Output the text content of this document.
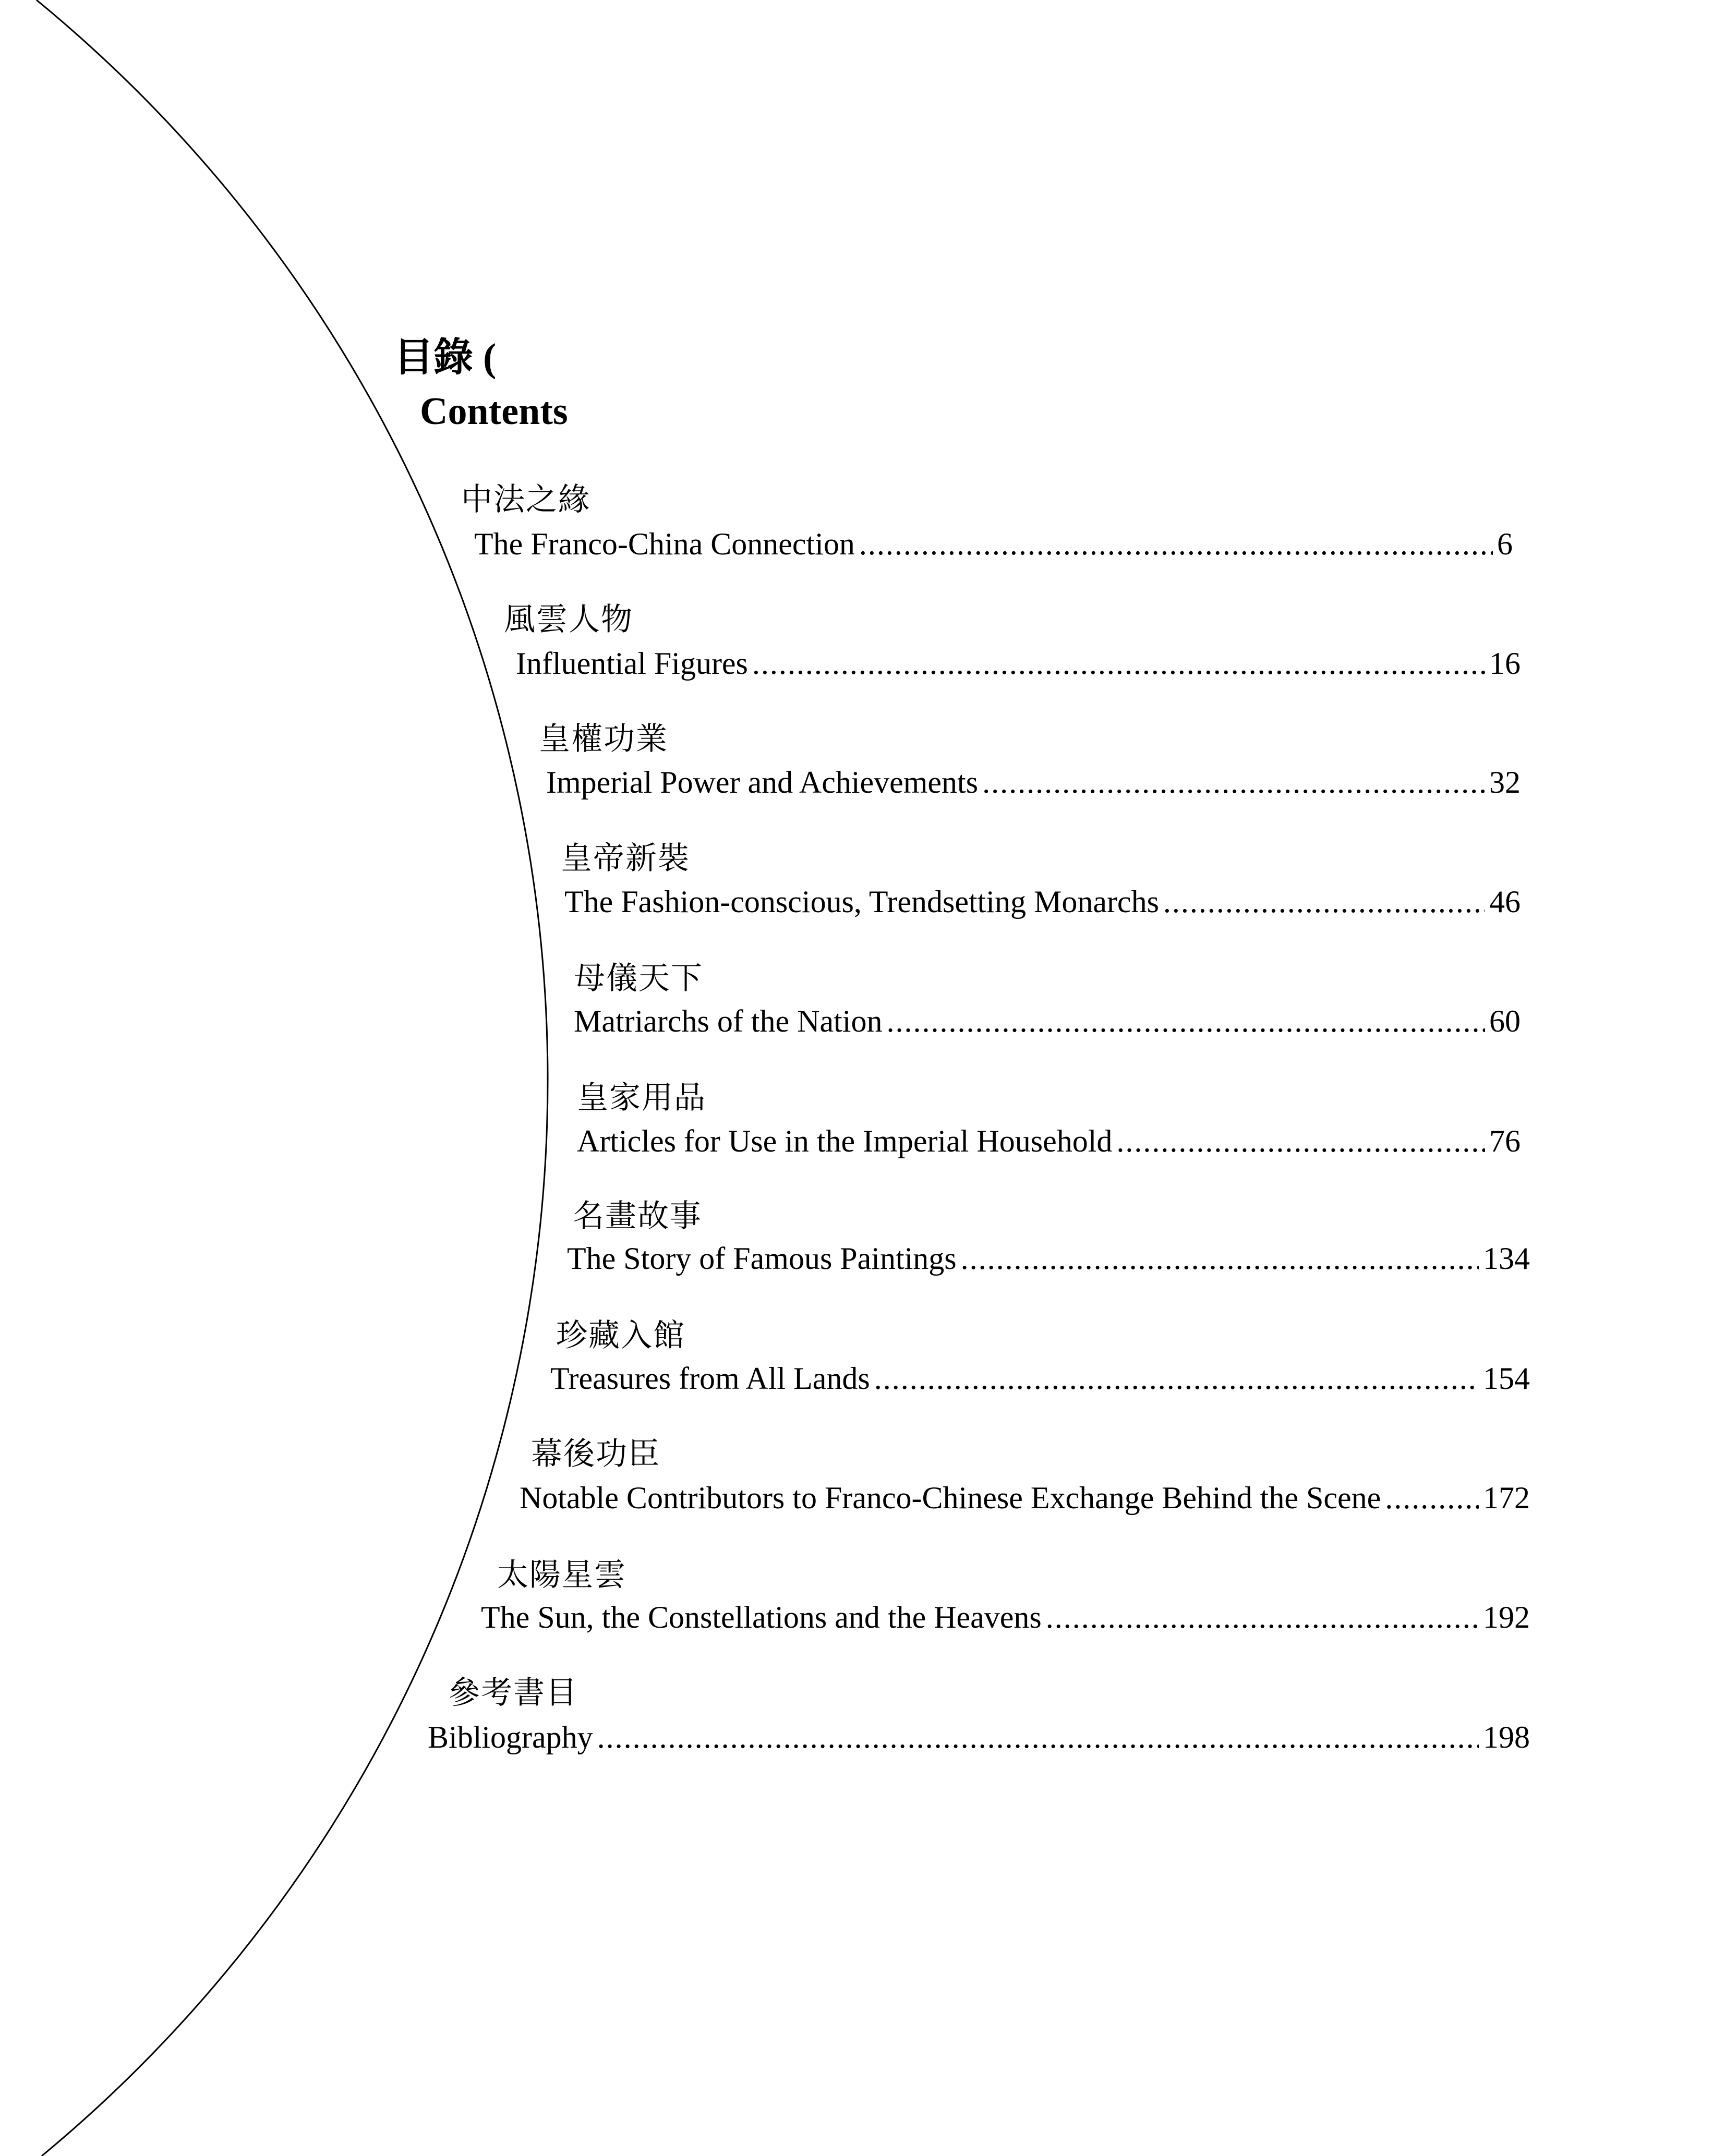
目錄 (
Contents
中法之緣
The Franco-China Connection .....	6
風雲人物
Influential Figures .....	16
皇權功業
Imperial Power and Achievements .....	32
皇帝新裝
The Fashion-conscious, Trendsetting Monarchs .....	46
母儀天下
Matriarchs of the Nation .....	60
皇家用品
Articles for Use in the Imperial Household .....	76
名畫故事
The Story of Famous Paintings .....	134
珍藏入館
Treasures from All Lands .....	154
幕後功臣
Notable Contributors to Franco-Chinese Exchange Behind the Scene .....	172
太陽星雲
The Sun, the Constellations and the Heavens .....	192
參考書目
Bibliography .....	198
